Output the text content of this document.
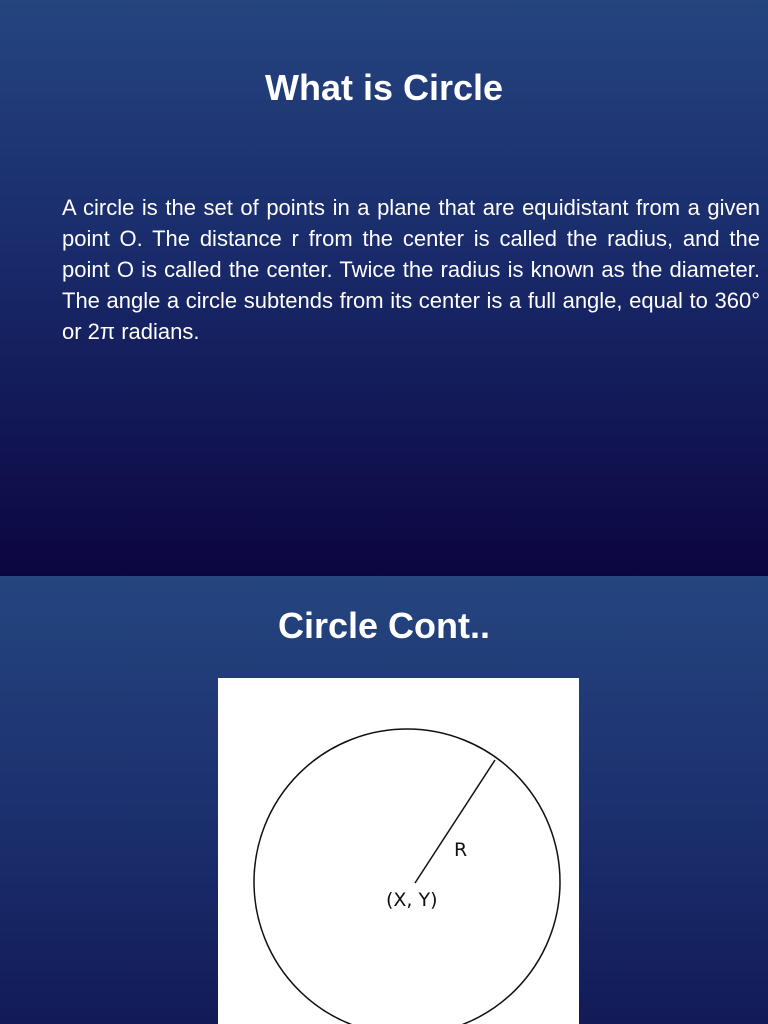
What is Circle

A circle is the set of points in a plane that are equidistant from a given point O. The distance r from the center is called the radius, and the point O is called the center. Twice the radius is known as the diameter. The angle a circle subtends from its center is a full angle, equal to 360° or 2π radians.

Circle Cont..
R
(X, Y)
